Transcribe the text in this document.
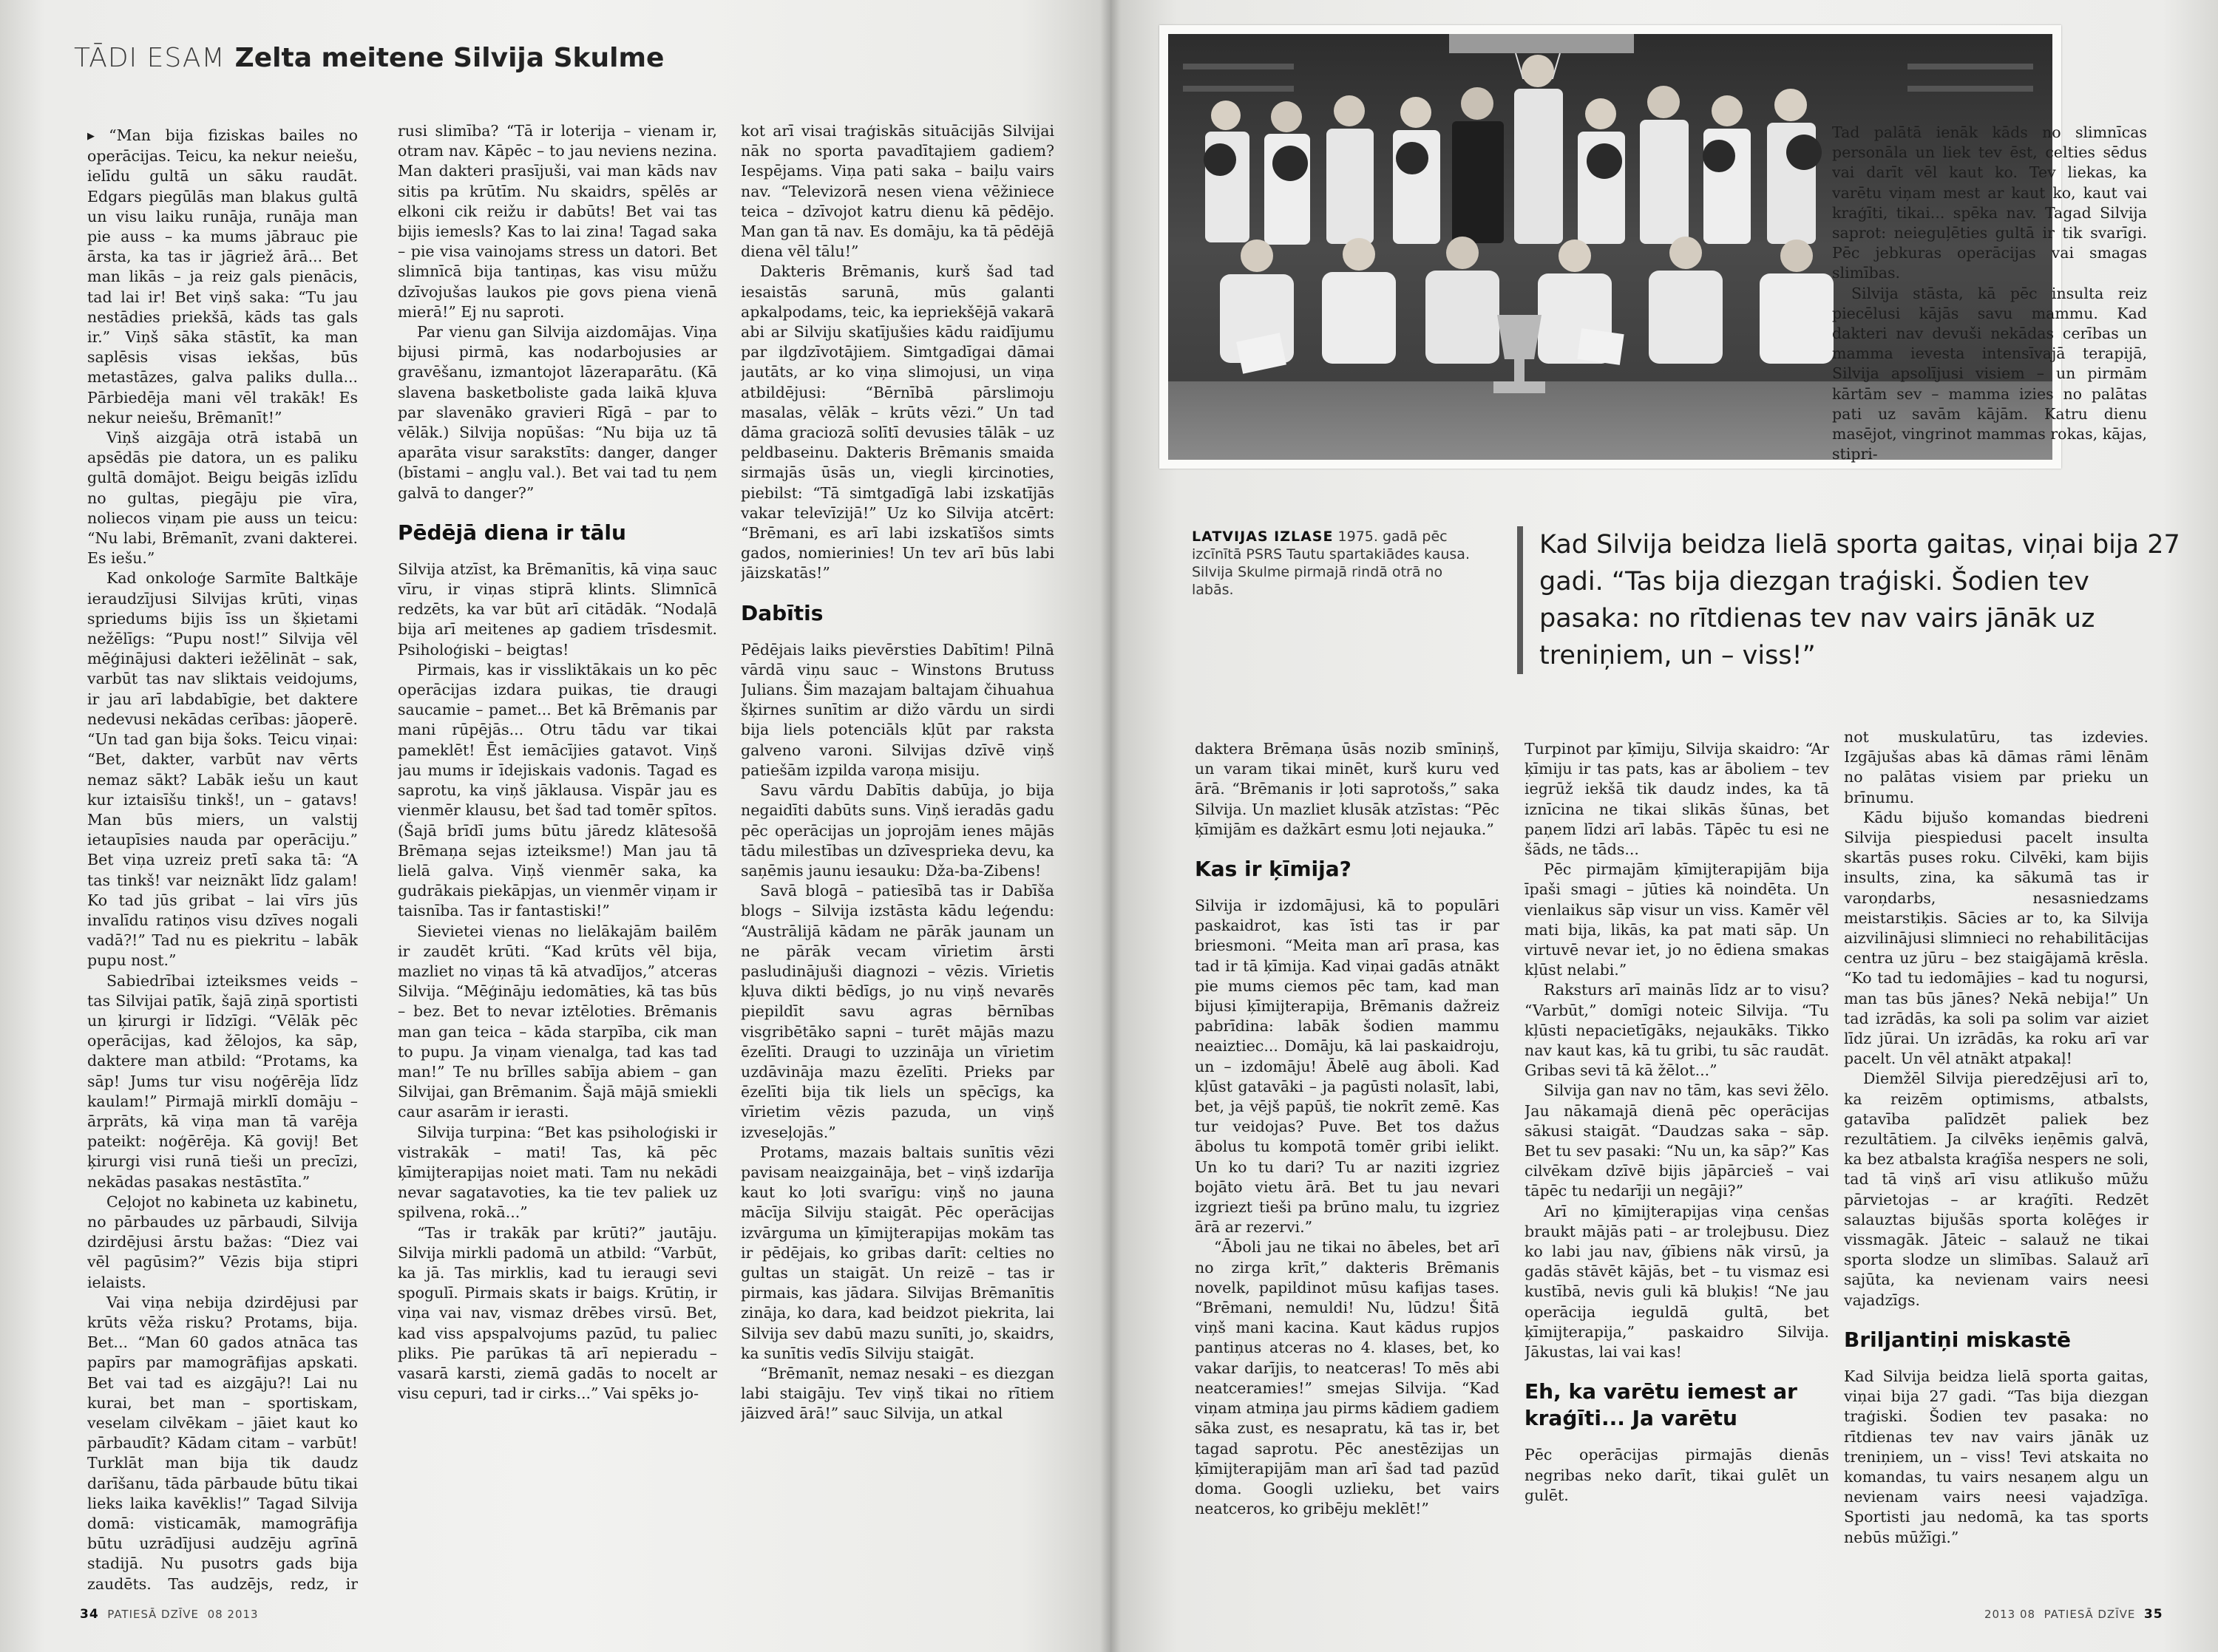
TĀDI ESAM Zelta meitene Silvija Skulme

▶ “Man bija fiziskas bailes no operācijas. Teicu, ka nekur neiešu, ielīdu gultā un sāku raudāt. Edgars piegūlās man blakus gultā un visu laiku runāja, runāja man pie auss – ka mums jābrauc pie ārsta, ka tas ir jāgriež ārā... Bet man likās – ja reiz gals pienācis, tad lai ir! Bet viņš saka: “Tu jau nestādies priekšā, kāds tas gals ir.” Viņš sāka stāstīt, ka man saplēsis visas iekšas, būs metastāzes, galva paliks dulla... Pārbiedēja mani vēl trakāk! Es nekur neiešu, Brēmanīt!”

Viņš aizgāja otrā istabā un apsēdās pie datora, un es paliku gultā domājot. Beigu beigās izlīdu no gultas, piegāju pie vīra, noliecos viņam pie auss un teicu: “Nu labi, Brēmanīt, zvani dakterei. Es iešu.”

Kad onkoloģe Sarmīte Baltkāje ieraudzījusi Silvijas krūti, viņas spriedums bijis īss un šķietami nežēlīgs: “Pupu nost!” Silvija vēl mēģinājusi dakteri iežēlināt – sak, varbūt tas nav sliktais veidojums, ir jau arī labdabīgie, bet daktere nedevusi nekādas cerības: jāoperē. “Un tad gan bija šoks. Teicu viņai: “Bet, dakter, varbūt nav vērts nemaz sākt? Labāk iešu un kaut kur iztaisīšu tinkš!, un – gatavs! Man būs miers, un valstij ietaupīsies nauda par operāciju.” Bet viņa uzreiz pretī saka tā: “A tas tinkš! var neiznākt līdz galam! Ko tad jūs gribat – lai vīrs jūs invalīdu ratiņos visu dzīves nogali vadā?!” Tad nu es piekritu – labāk pupu nost.”

Sabiedrībai izteiksmes veids – tas Silvijai patīk, šajā ziņā sportisti un ķirurgi ir līdzīgi. “Vēlāk pēc operācijas, kad žēlojos, ka sāp, daktere man atbild: “Protams, ka sāp! Jums tur visu noģērēja līdz kaulam!” Pirmajā mirklī domāju – ārprāts, kā viņa man tā varēja pateikt: noģērēja. Kā govij! Bet ķirurgi visi runā tieši un precīzi, nekādas pasakas nestāstīta.”

Ceļojot no kabineta uz kabinetu, no pārbaudes uz pārbaudi, Silvija dzirdējusi ārstu bažas: “Diez vai vēl pagūsim?” Vēzis bija stipri ielaists.

Vai viņa nebija dzirdējusi par krūts vēža risku? Protams, bija. Bet... “Man 60 gados atnāca tas papīrs par mamogrāfijas apskati. Bet vai tad es aizgāju?! Lai nu kurai, bet man – sportiskam, veselam cilvēkam – jāiet kaut ko pārbaudīt? Kādam citam – varbūt! Turklāt man bija tik daudz darīšanu, tāda pārbaude būtu tikai lieks laika kavēklis!” Tagad Silvija domā: visticamāk, mamogrāfija būtu uzrādījusi audzēju agrīnā stadijā. Nu pusotrs gads bija zaudēts. Tas audzējs, redz, ir

rusi slimība? “Tā ir loterija – vienam ir, otram nav. Kāpēc – to jau neviens nezina. Man dakteri prasījuši, vai man kāds nav sitis pa krūtīm. Nu skaidrs, spēlēs ar elkoni cik reižu ir dabūts! Bet vai tas bijis iemesls? Kas to lai zina! Tagad saka – pie visa vainojams stress un datori. Bet slimnīcā bija tantiņas, kas visu mūžu dzīvojušas laukos pie govs piena vienā mierā!” Ej nu saproti.

Par vienu gan Silvija aizdomājas. Viņa bijusi pirmā, kas nodarbojusies ar gravēšanu, izmantojot lāzeraparātu. (Kā slavena basketboliste gada laikā kļuva par slavenāko gravieri Rīgā – par to vēlāk.) Silvija nopūšas: “Nu bija uz tā aparāta visur sarakstīts: danger, danger (bīstami – angļu val.). Bet vai tad tu ņem galvā to danger?”

Pēdējā diena ir tālu

Silvija atzīst, ka Brēmanītis, kā viņa sauc vīru, ir viņas stiprā klints. Slimnīcā redzēts, ka var būt arī citādāk. “Nodaļā bija arī meitenes ap gadiem trīsdesmit. Psiholoģiski – beigtas!

Pirmais, kas ir vissliktākais un ko pēc operācijas izdara puikas, tie draugi saucamie – pamet... Bet kā Brēmanis par mani rūpējās... Otru tādu var tikai pameklēt! Ēst iemācījies gatavot. Viņš jau mums ir īdejiskais vadonis. Tagad es saprotu, ka viņš jāklausa. Vispār jau es vienmēr klausu, bet šad tad tomēr spītos. (Šajā brīdī jums būtu jāredz klātesošā Brēmaņa sejas izteiksme!) Man jau tā lielā galva. Viņš vienmēr saka, ka gudrākais piekāpjas, un vienmēr viņam ir taisnība. Tas ir fantastiski!”

Sievietei vienas no lielākajām bailēm ir zaudēt krūti. “Kad krūts vēl bija, mazliet no viņas tā kā atvadījos,” atceras Silvija. “Mēģināju iedomāties, kā tas būs – bez. Bet to nevar iztēloties. Brēmanis man gan teica – kāda starpība, cik man to pupu. Ja viņam vienalga, tad kas tad man!” Te nu brīlles sabīja abiem – gan Silvijai, gan Brēmanim. Šajā mājā smiekli caur asarām ir ierasti.

Silvija turpina: “Bet kas psiholoģiski ir vistrakāk – mati! Tas, kā pēc ķīmijterapijas noiet mati. Tam nu nekādi nevar sagatavoties, ka tie tev paliek uz spilvena, rokā...”

“Tas ir trakāk par krūti?” jautāju. Silvija mirkli padomā un atbild: “Varbūt, ka jā. Tas mirklis, kad tu ieraugi sevi spogulī. Pirmais skats ir baigs. Krūtiņ, ir viņa vai nav, vismaz drēbes virsū. Bet, kad viss apspalvojums pazūd, tu paliec pliks. Pie parūkas tā arī nepieradu – vasarā karsti, ziemā gadās to nocelt ar visu cepuri, tad ir cirks...” Vai spēks jo-

kot arī visai traģiskās situācijās Silvijai nāk no sporta pavadītajiem gadiem? Iespējams. Viņa pati saka – baiļu vairs nav. “Televizorā nesen viena vēžiniece teica – dzīvojot katru dienu kā pēdējo. Man gan tā nav. Es domāju, ka tā pēdējā diena vēl tālu!”

Dakteris Brēmanis, kurš šad tad iesaistās sarunā, mūs galanti apkalpodams, teic, ka iepriekšējā vakarā abi ar Silviju skatījušies kādu raidījumu par ilgdzīvotājiem. Simtgadīgai dāmai jautāts, ar ko viņa slimojusi, un viņa atbildējusi: “Bērnībā pārslimoju masalas, vēlāk – krūts vēzi.” Un tad dāma graciozā solītī devusies tālāk – uz peldbaseinu. Dakteris Brēmanis smaida sirmajās ūsās un, viegli ķircinoties, piebilst: “Tā simtgadīgā labi izskatījās vakar televīzijā!” Uz ko Silvija atcērt: “Brēmani, es arī labi izskatīšos simts gados, nomierinies! Un tev arī būs labi jāizskatās!”

Dabītis

Pēdējais laiks pievērsties Dabītim! Pilnā vārdā viņu sauc – Winstons Brutuss Julians. Šim mazajam baltajam čihuahua šķirnes sunītim ar dižo vārdu un sirdi bija liels potenciāls kļūt par raksta galveno varoni. Silvijas dzīvē viņš patiešām izpilda varoņa misiju.

Savu vārdu Dabītis dabūja, jo bija negaidīti dabūts suns. Viņš ieradās gadu pēc operācijas un joprojām ienes mājās tādu milestības un dzīvesprieka devu, ka saņēmis jaunu iesauku: Dža-ba-Zibens!

Savā blogā – patiesībā tas ir Dabīša blogs – Silvija izstāsta kādu leģendu: “Austrālijā kādam ne pārāk jaunam un ne pārāk vecam vīrietim ārsti pasludinājuši diagnozi – vēzis. Vīrietis kļuva dikti bēdīgs, jo nu viņš nevarēs piepildīt savu agras bērnības visgribētāko sapni – turēt mājās mazu ēzelīti. Draugi to uzzināja un vīrietim uzdāvināja mazu ēzelīti. Prieks par ēzelīti bija tik liels un spēcīgs, ka vīrietim vēzis pazuda, un viņš izveseļojās.”

Protams, mazais baltais sunītis vēzi pavisam neaizgaināja, bet – viņš izdarīja kaut ko ļoti svarīgu: viņš no jauna mācīja Silviju staigāt. Pēc operācijas izvārguma un ķīmijterapijas mokām tas ir pēdējais, ko gribas darīt: celties no gultas un staigāt. Un reizē – tas ir pirmais, kas jādara. Silvijas Brēmanītis zināja, ko dara, kad beidzot piekrita, lai Silvija sev dabū mazu sunīti, jo, skaidrs, ka sunītis vedīs Silviju staigāt.

“Brēmanīt, nemaz nesaki – es diezgan labi staigāju. Tev viņš tikai no rītiem jāizved ārā!” sauc Silvija, un atkal

34 PATIESĀ DZĪVE 08 2013

Tad palātā ienāk kāds no slimnīcas personāla un liek tev ēst, celties sēdus vai darīt vēl kaut ko. Tev liekas, ka varētu viņam mest ar kaut ko, kaut vai kraģīti, tikai... spēka nav. Tagad Silvija saprot: neieguļēties gultā ir tik svarīgi. Pēc jebkuras operācijas vai smagas slimības.

Silvija stāsta, kā pēc insulta reiz piecēlusi kājās savu mammu. Kad dakteri nav devuši nekādas cerības un mamma ievesta intensīvajā terapijā, Silvija apsolījusi visiem – un pirmām kārtām sev – mamma izies no palātas pati uz savām kājām. Katru dienu masējot, vingrinot mammas rokas, kājas, stipri-

LATVIJAS IZLASE 1975. gadā pēc izcīnītā PSRS Tautu spartakiādes kausa. Silvija Skulme pirmajā rindā otrā no labās.
Kad Silvija beidza lielā sporta gaitas, viņai bija 27 gadi. “Tas bija diezgan traģiski. Šodien tev pasaka: no rītdienas tev nav vairs jānāk uz treniņiem, un – viss!”

daktera Brēmaņa ūsās nozib smīniņš, un varam tikai minēt, kurš kuru ved ārā. “Brēmanis ir ļoti saprotošs,” saka Silvija. Un mazliet klusāk atzīstas: “Pēc ķīmijām es dažkārt esmu ļoti nejauka.”

Kas ir ķīmija?

Silvija ir izdomājusi, kā to populāri paskaidrot, kas īsti tas ir par briesmoni. “Meita man arī prasa, kas tad ir tā ķīmija. Kad viņai gadās atnākt pie mums ciemos pēc tam, kad man bijusi ķīmijterapija, Brēmanis dažreiz pabrīdina: labāk šodien mammu neaiztiec... Domāju, kā lai paskaidroju, un – izdomāju! Ābelē aug āboli. Kad kļūst gatavāki – ja pagūsti nolasīt, labi, bet, ja vējš papūš, tie nokrīt zemē. Kas tur veidojas? Puve. Bet tos dažus ābolus tu kompotā tomēr gribi ielikt. Un ko tu dari? Tu ar naziti izgriez bojāto vietu ārā. Bet tu jau nevari izgriezt tieši pa brūno malu, tu izgriez ārā ar rezervi.”

“Āboli jau ne tikai no ābeles, bet arī no zirga krīt,” dakteris Brēmanis novelk, papildinot mūsu kafijas tases. “Brēmani, nemuldi! Nu, lūdzu! Šitā viņš mani kacina. Kaut kādus rupjos pantiņus atceras no 4. klases, bet, ko vakar darījis, to neatceras! To mēs abi neatceramies!” smejas Silvija. “Kad viņam atmiņa jau pirms kādiem gadiem sāka zust, es nesapratu, kā tas ir, bet tagad saprotu. Pēc anestēzijas un ķīmijterapijām man arī šad tad pazūd doma. Googli uzlieku, bet vairs neatceros, ko gribēju meklēt!”

Turpinot par ķīmiju, Silvija skaidro: “Ar ķīmiju ir tas pats, kas ar āboliem – tev iegrūž iekšā tik daudz indes, ka tā iznīcina ne tikai slikās šūnas, bet paņem līdzi arī labās. Tāpēc tu esi ne šāds, ne tāds...

Pēc pirmajām ķīmijterapijām bija īpaši smagi – jūties kā noindēta. Un vienlaikus sāp visur un viss. Kamēr vēl mati bija, likās, ka pat mati sāp. Un virtuvē nevar iet, jo no ēdiena smakas kļūst nelabi.”

Raksturs arī mainās līdz ar to visu? “Varbūt,” domīgi noteic Silvija. “Tu kļūsti nepacietīgāks, nejaukāks. Tikko nav kaut kas, kā tu gribi, tu sāc raudāt. Gribas sevi tā kā žēlot...”

Silvija gan nav no tām, kas sevi žēlo. Jau nākamajā dienā pēc operācijas sākusi staigāt. “Daudzas saka – sāp. Bet tu sev pasaki: “Nu un, ka sāp?” Kas cilvēkam dzīvē bijis jāpārcieš – vai tāpēc tu nedarīji un negāji?”

Arī no ķīmijterapijas viņa cenšas braukt mājās pati – ar trolejbusu. Diez ko labi jau nav, ģībiens nāk virsū, ja gadās stāvēt kājās, bet – tu vismaz esi kustībā, nevis guli kā bluķis! “Ne jau operācija ieguldā gultā, bet ķīmijterapija,” paskaidro Silvija. Jākustas, lai vai kas!

Eh, ka varētu iemest ar kraģīti... Ja varētu

Pēc operācijas pirmajās dienās negribas neko darīt, tikai gulēt un gulēt.

not muskulatūru, tas izdevies. Izgājušas abas kā dāmas rāmi lēnām no palātas visiem par prieku un brīnumu.

Kādu bijušo komandas biedreni Silvija piespiedusi pacelt insulta skartās puses roku. Cilvēki, kam bijis insults, zina, ka sākumā tas ir varoņdarbs, nesasniedzams meistarstiķis. Sācies ar to, ka Silvija aizvilinājusi slimnieci no rehabilitācijas centra uz jūru – bez staigājamā krēsla. “Ko tad tu iedomājies – kad tu nogursi, man tas būs jānes? Nekā nebija!” Un tad izrādās, ka soli pa solim var aiziet līdz jūrai. Un izrādās, ka roku arī var pacelt. Un vēl atnākt atpakaļ!

Diemžēl Silvija pieredzējusi arī to, ka reizēm optimisms, atbalsts, gatavība palīdzēt paliek bez rezultātiem. Ja cilvēks ieņēmis galvā, ka bez atbalsta kraģīša nespers ne soli, tad tā viņš arī visu atlikušo mūžu pārvietojas – ar kraģīti. Redzēt salauztas bijušās sporta kolēģes ir vissmagāk. Jāteic – salauž ne tikai sporta slodze un slimības. Salauž arī sajūta, ka nevienam vairs neesi vajadzīgs.

Briljantiņi miskastē

Kad Silvija beidza lielā sporta gaitas, viņai bija 27 gadi. “Tas bija diezgan traģiski. Šodien tev pasaka: no rītdienas tev nav vairs jānāk uz treniņiem, un – viss! Tevi atskaita no komandas, tu vairs nesaņem algu un nevienam vairs neesi vajadzīga. Sportisti jau nedomā, ka tas sports nebūs mūžīgi.”

2013 08 PATIESĀ DZĪVE 35
